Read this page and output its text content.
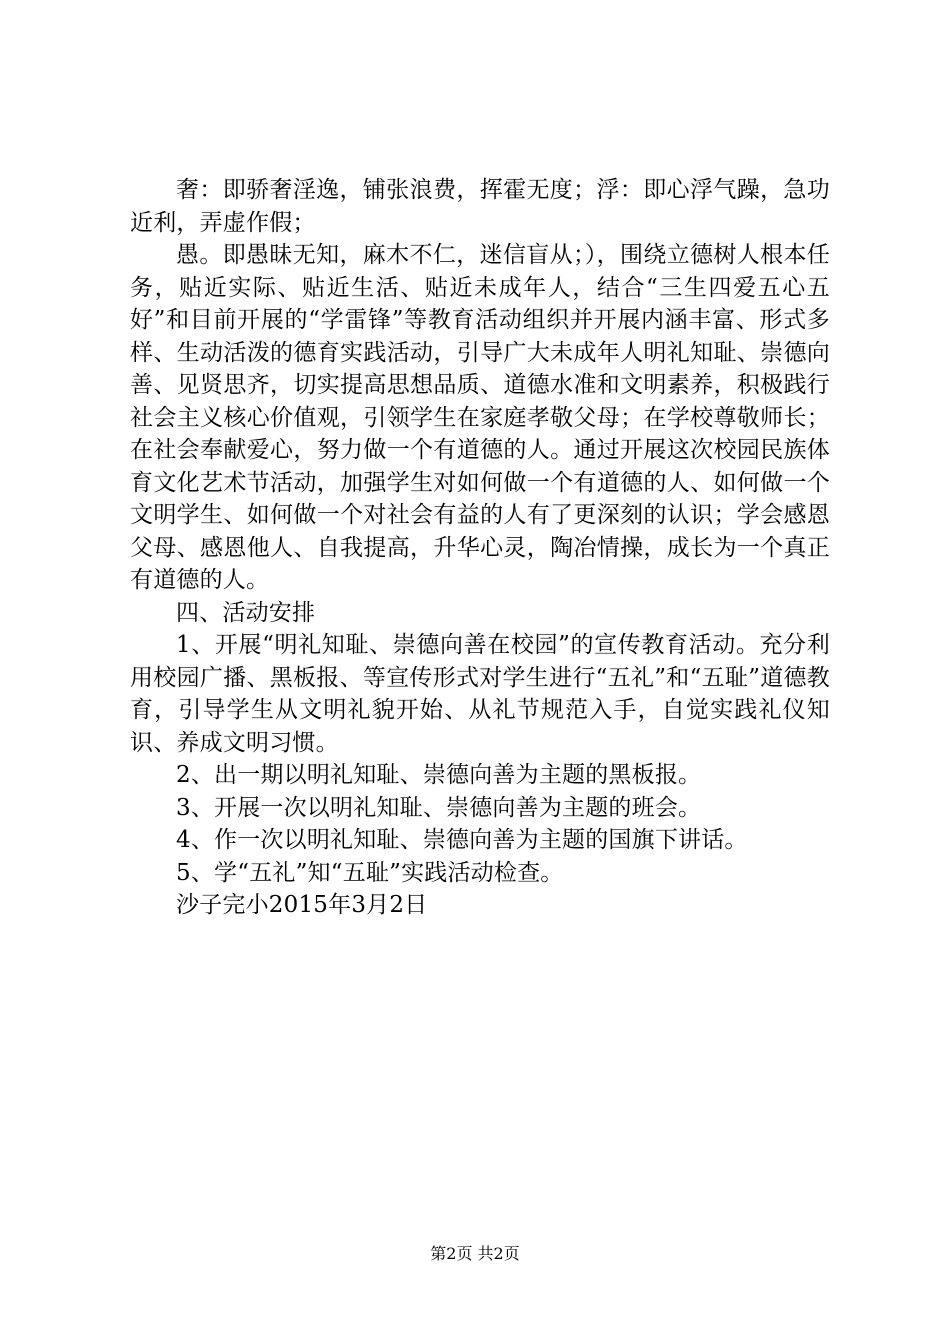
奢：即骄奢淫逸，铺张浪费，挥霍无度；浮：即心浮气躁，急功近利，弄虚作假；

愚。即愚昧无知，麻木不仁，迷信盲从；），围绕立德树人根本任务，贴近实际、贴近生活、贴近未成年人，结合“三生四爱五心五好”和目前开展的“学雷锋”等教育活动组织并开展内涵丰富、形式多样、生动活泼的德育实践活动，引导广大未成年人明礼知耻、崇德向善、见贤思齐，切实提高思想品质、道德水准和文明素养，积极践行社会主义核心价值观，引领学生在家庭孝敬父母；在学校尊敬师长；在社会奉献爱心，努力做一个有道德的人。通过开展这次校园民族体育文化艺术节活动，加强学生对如何做一个有道德的人、如何做一个文明学生、如何做一个对社会有益的人有了更深刻的认识；学会感恩父母、感恩他人、自我提高，升华心灵，陶冶情操，成长为一个真正有道德的人。

四、活动安排

1、开展“明礼知耻、崇德向善在校园”的宣传教育活动。充分利用校园广播、黑板报、等宣传形式对学生进行“五礼”和“五耻”道德教育，引导学生从文明礼貌开始、从礼节规范入手，自觉实践礼仪知识、养成文明习惯。

2、出一期以明礼知耻、崇德向善为主题的黑板报。

3、开展一次以明礼知耻、崇德向善为主题的班会。

4、作一次以明礼知耻、崇德向善为主题的国旗下讲话。

5、学“五礼”知“五耻”实践活动检查。

沙子完小2015年3月2日

第2页 共2页
